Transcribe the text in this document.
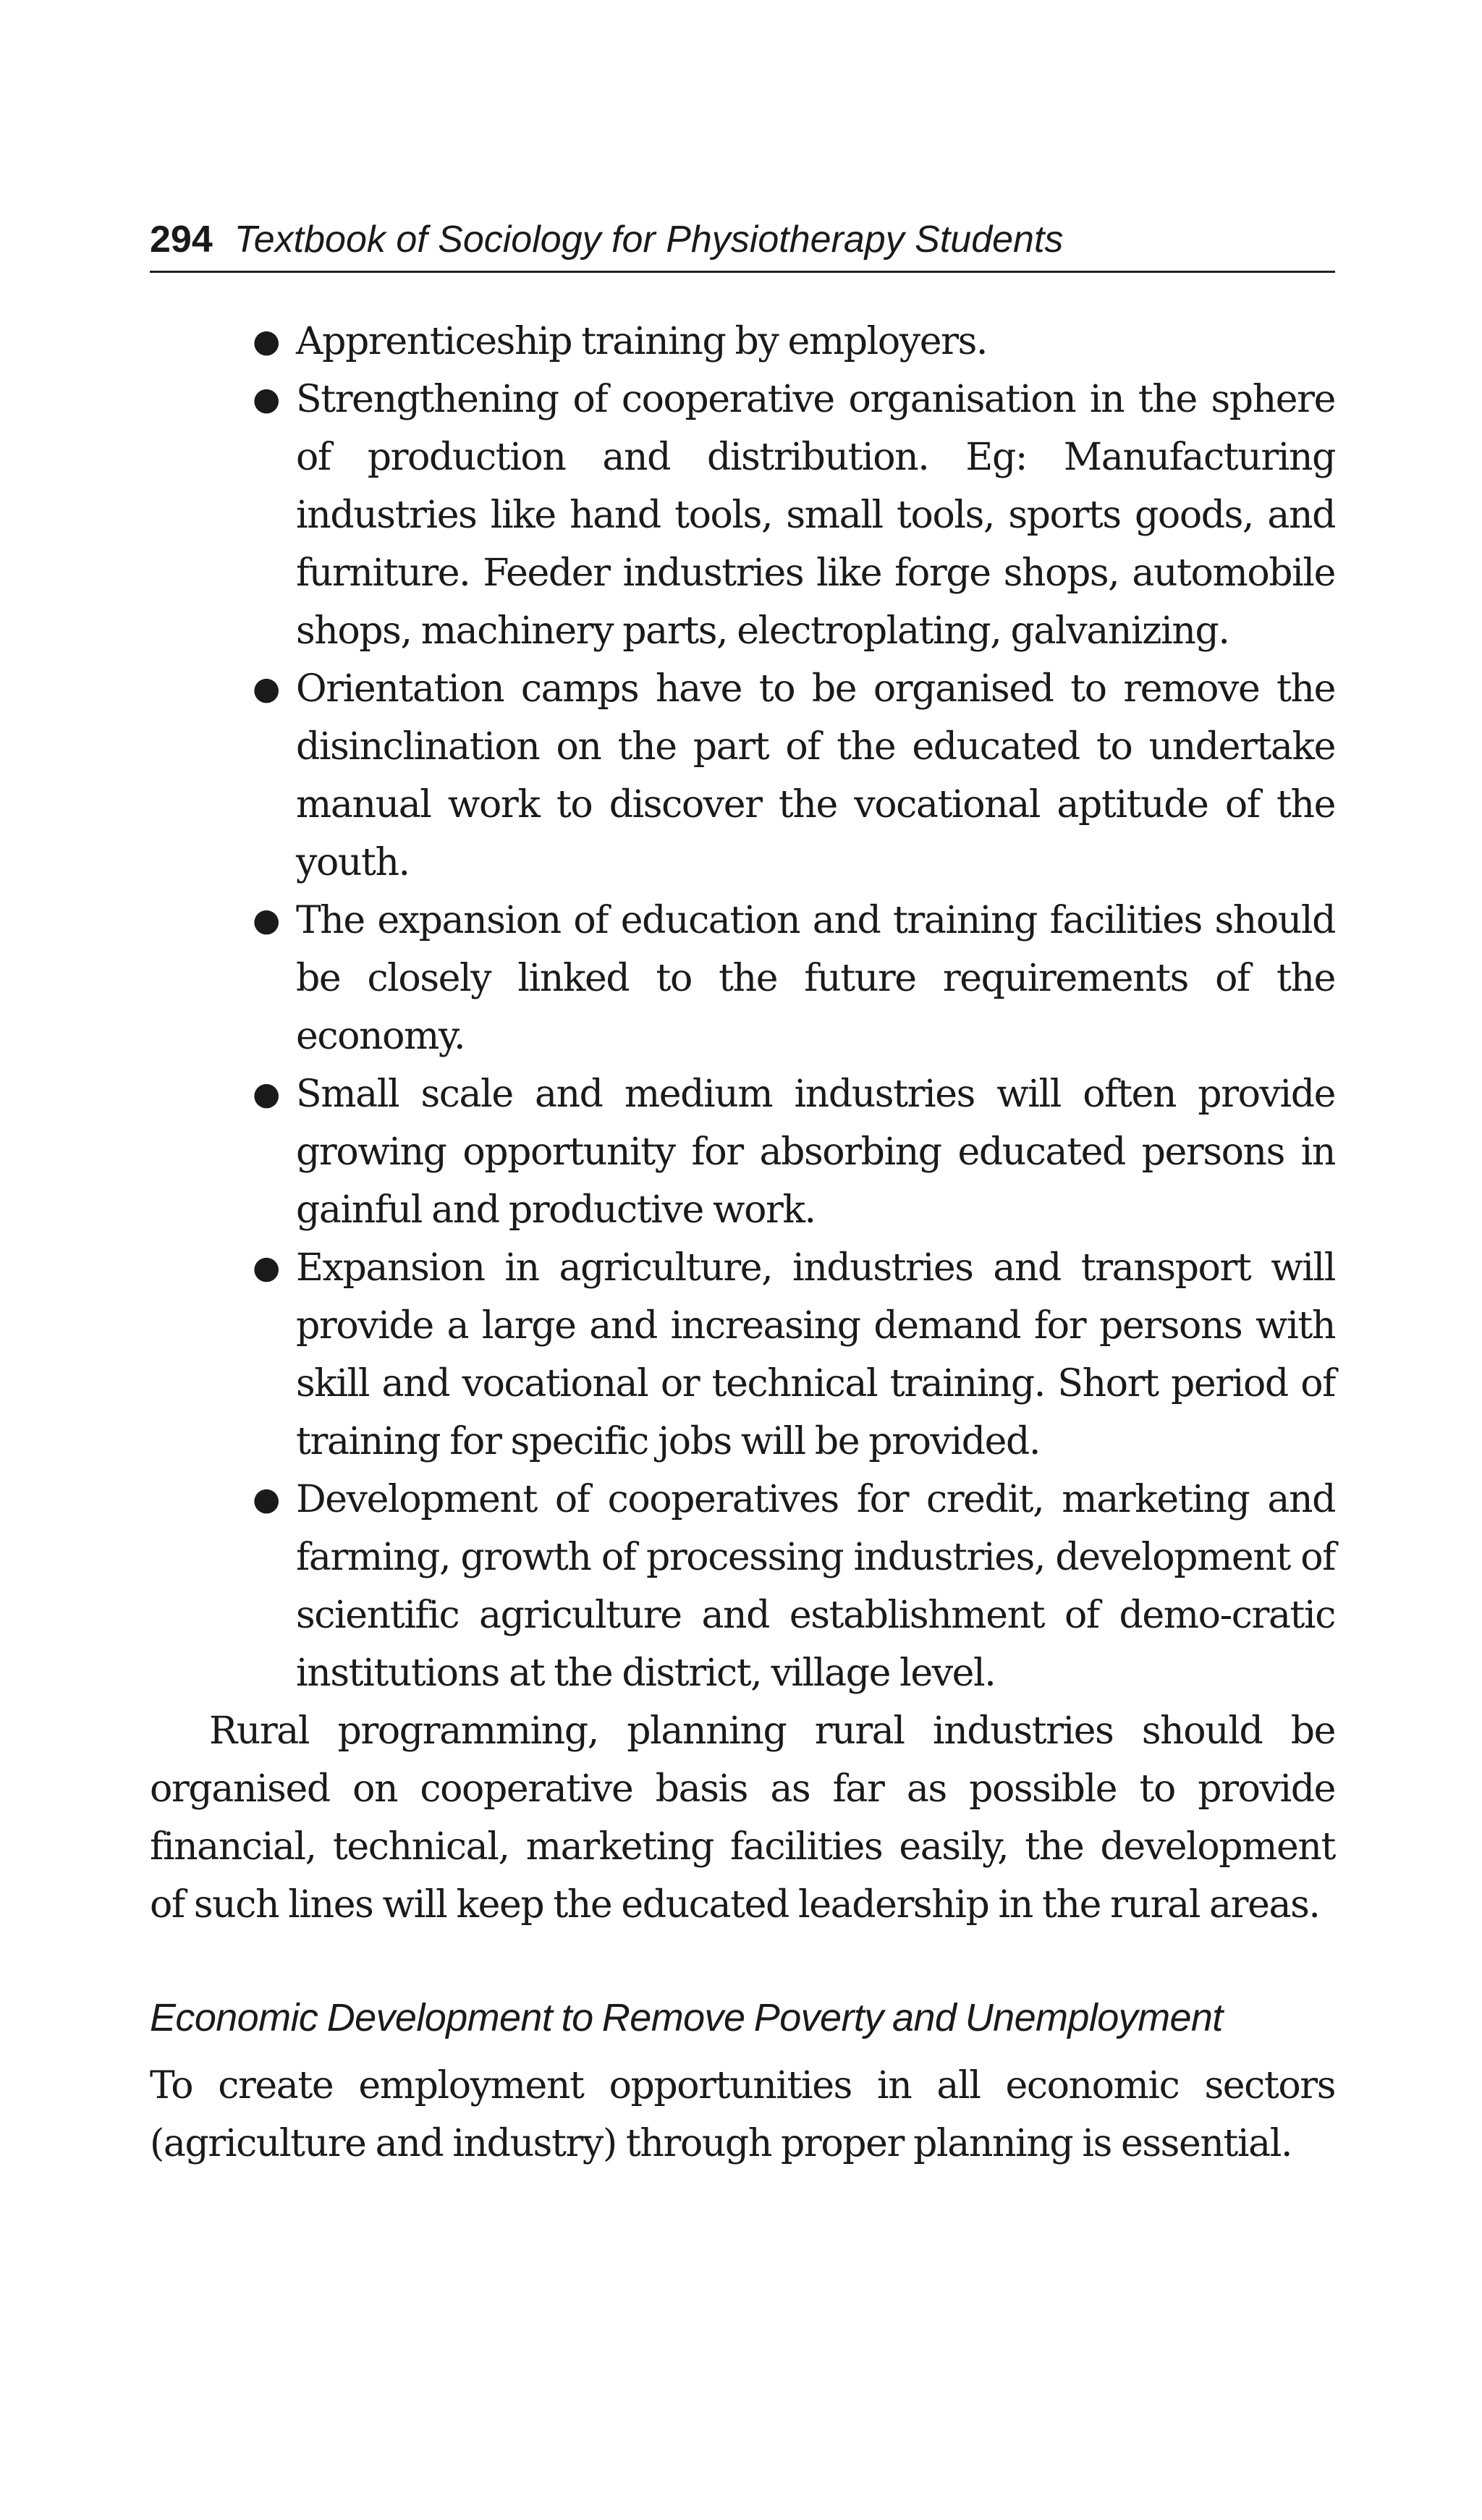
294 Textbook of Sociology for Physiotherapy Students
● Apprenticeship training by employers.
● Strengthening of cooperative organisation in the sphere of production and distribution. Eg: Manufacturing industries like hand tools, small tools, sports goods, and furniture. Feeder industries like forge shops, automobile shops, machinery parts, electroplating, galvanizing.
● Orientation camps have to be organised to remove the disinclination on the part of the educated to undertake manual work to discover the vocational aptitude of the youth.
● The expansion of education and training facilities should be closely linked to the future requirements of the economy.
● Small scale and medium industries will often provide growing opportunity for absorbing educated persons in gainful and productive work.
● Expansion in agriculture, industries and transport will provide a large and increasing demand for persons with skill and vocational or technical training. Short period of training for specific jobs will be provided.
● Development of cooperatives for credit, marketing and farming, growth of processing industries, development of scientific agriculture and establishment of demo-cratic institutions at the district, village level.

Rural programming, planning rural industries should be organised on cooperative basis as far as possible to provide financial, technical, marketing facilities easily, the development of such lines will keep the educated leadership in the rural areas.

Economic Development to Remove Poverty and Unemployment

To create employment opportunities in all economic sectors (agriculture and industry) through proper planning is essential.
